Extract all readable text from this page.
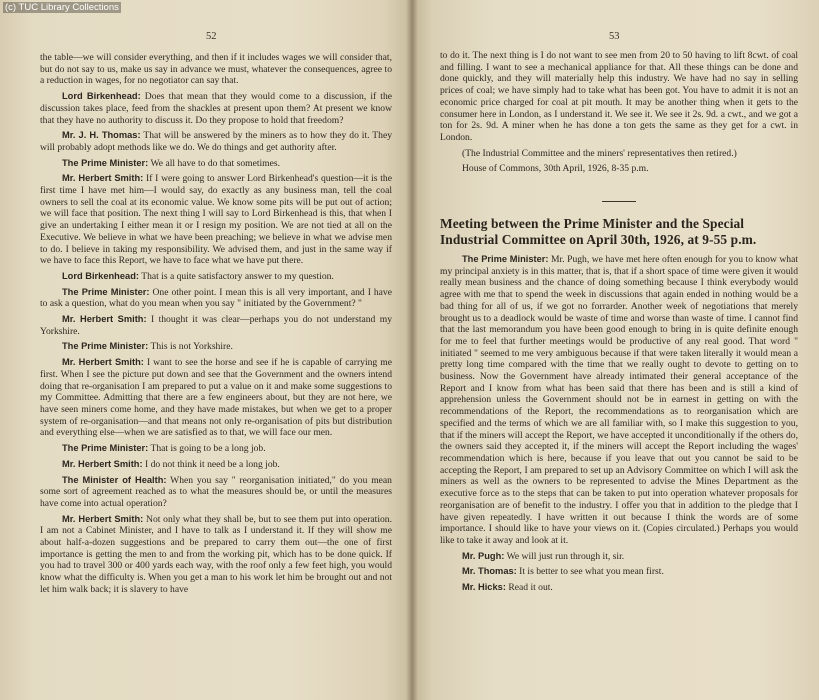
52

the table—we will consider everything, and then if it includes wages we will consider that, but do not say to us, make us say in advance we must, whatever the consequences, agree to a reduction in wages, for no negotiator can say that.

Lord Birkenhead: Does that mean that they would come to a discussion, if the discussion takes place, feed from the shackles at present upon them? At present we know that they have no authority to discuss it. Do they propose to hold that freedom?

Mr. J. H. Thomas: That will be answered by the miners as to how they do it. They will probably adopt methods like we do. We do things and get authority after.

The Prime Minister: We all have to do that sometimes.

Mr. Herbert Smith: If I were going to answer Lord Birkenhead's question—it is the first time I have met him—I would say, do exactly as any business man, tell the coal owners to sell the coal at its economic value. We know some pits will be put out of action; we will face that position. The next thing I will say to Lord Birkenhead is this, that when I give an undertaking I either mean it or I resign my position. We are not tied at all on the Executive. We believe in what we have been preaching; we believe in what we advise men to do. I believe in taking my responsibility. We advised them, and just in the same way if we have to face this Report, we have to face what we have put there.

Lord Birkenhead: That is a quite satisfactory answer to my question.

The Prime Minister: One other point. I mean this is all very important, and I have to ask a question, what do you mean when you say " initiated by the Government? "

Mr. Herbert Smith: I thought it was clear—perhaps you do not understand my Yorkshire.

The Prime Minister: This is not Yorkshire.

Mr. Herbert Smith: I want to see the horse and see if he is capable of carrying me first. When I see the picture put down and see that the Government and the owners intend doing that re-organisation I am prepared to put a value on it and make some suggestions to my Committee. Admitting that there are a few engineers about, but they are not here, we have seen miners come home, and they have made mistakes, but when we get to a proper system of re-organisation—and that means not only re-organisation of pits but distribution and everything else—when we are satisfied as to that, we will face our men.

The Prime Minister: That is going to be a long job.

Mr. Herbert Smith: I do not think it need be a long job.

The Minister of Health: When you say " reorganisation initiated," do you mean some sort of agreement reached as to what the measures should be, or until the measures have come into actual operation?

Mr. Herbert Smith: Not only what they shall be, but to see them put into operation. I am not a Cabinet Minister, and I have to talk as I understand it. If they will show me about half-a-dozen suggestions and be prepared to carry them out—the one of first importance is getting the men to and from the working pit, which has to be done quick. If you had to travel 300 or 400 yards each way, with the roof only a few feet high, you would know what the difficulty is. When you get a man to his work let him be brought out and not let him walk back; it is slavery to have

53

to do it. The next thing is I do not want to see men from 20 to 50 having to lift 8cwt. of coal and filling. I want to see a mechanical appliance for that. All these things can be done and done quickly, and they will materially help this industry. We have had no say in selling prices of coal; we have simply had to take what has been got. You have to admit it is not an economic price charged for coal at pit mouth. It may be another thing when it gets to the consumer here in London, as I understand it. We see it. We see it 2s. 9d. a cwt., and we got a ton for 2s. 9d. A miner when he has done a ton gets the same as they get for a cwt. in London.

(The Industrial Committee and the miners' representatives then retired.)

House of Commons, 30th April, 1926, 8-35 p.m.

Meeting between the Prime Minister and the Special Industrial Committee on April 30th, 1926, at 9-55 p.m.

The Prime Minister: Mr. Pugh, we have met here often enough for you to know what my principal anxiety is in this matter, that is, that if a short space of time were given it would really mean business and the chance of doing something because I think everybody would agree with me that to spend the week in discussions that again ended in nothing would be a bad thing for all of us, if we got no forrarder. Another week of negotiations that merely brought us to a deadlock would be waste of time and worse than waste of time. I cannot find that the last memorandum you have been good enough to bring in is quite definite enough for me to feel that further meetings would be productive of any real good. That word " initiated " seemed to me very ambiguous because if that were taken literally it would mean a pretty long time compared with the time that we really ought to devote to getting on to business. Now the Government have already intimated their general acceptance of the Report and I know from what has been said that there has been and is still a kind of apprehension unless the Government should not be in earnest in getting on with the recommendations of the Report, the recommendations as to reorganisation which are specified and the terms of which we are all familiar with, so I make this suggestion to you, that if the miners will accept the Report, we have accepted it unconditionally if the others do, the owners said they accepted it, if the miners will accept the Report including the wages' recommendation which is here, because if you leave that out you cannot be said to be accepting the Report, I am prepared to set up an Advisory Committee on which I will ask the miners as well as the owners to be represented to advise the Mines Department as the executive force as to the steps that can be taken to put into operation whatever proposals for reorganisation are of benefit to the industry. I offer you that in addition to the pledge that I have given repeatedly. I have written it out because I think the words are of some importance. I should like to have your views on it. (Copies circulated.) Perhaps you would like to take it away and look at it.

Mr. Pugh: We will just run through it, sir.

Mr. Thomas: It is better to see what you mean first.

Mr. Hicks: Read it out.

(c) TUC Library Collections
